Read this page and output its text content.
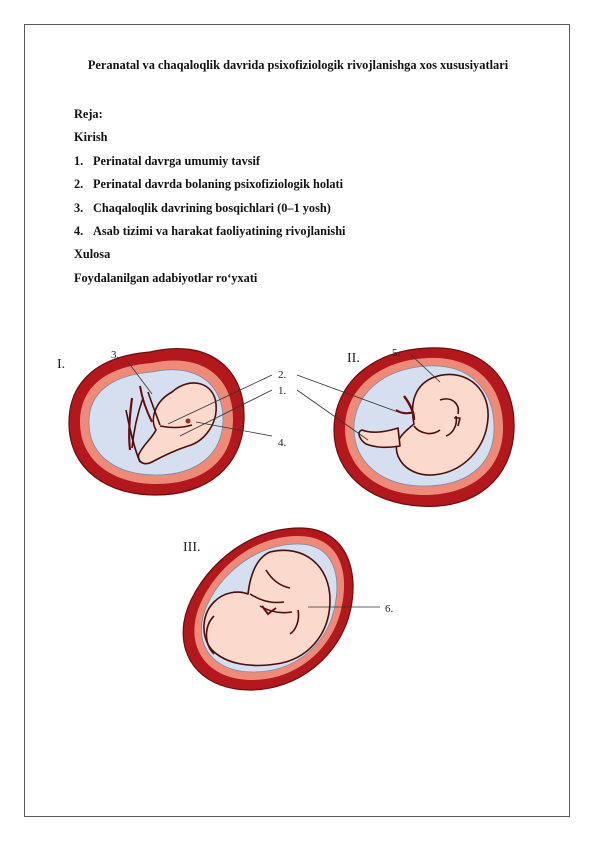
Peranatal va chaqaloqlik davrida psixofiziologik rivojlanishga xos xususiyatlari
Reja:
Kirish
1. Perinatal davrga umumiy tavsif
2. Perinatal davrda bolaning psixofiziologik holati
3. Chaqaloqlik davrining bosqichlari (0–1 yosh)
4. Asab tizimi va harakat faoliyatining rivojlanishi
Xulosa
Foydalanilgan adabiyotlar ro‘yxati
I.	II.
III.
1.
2.
3.
4.
5.
6.
